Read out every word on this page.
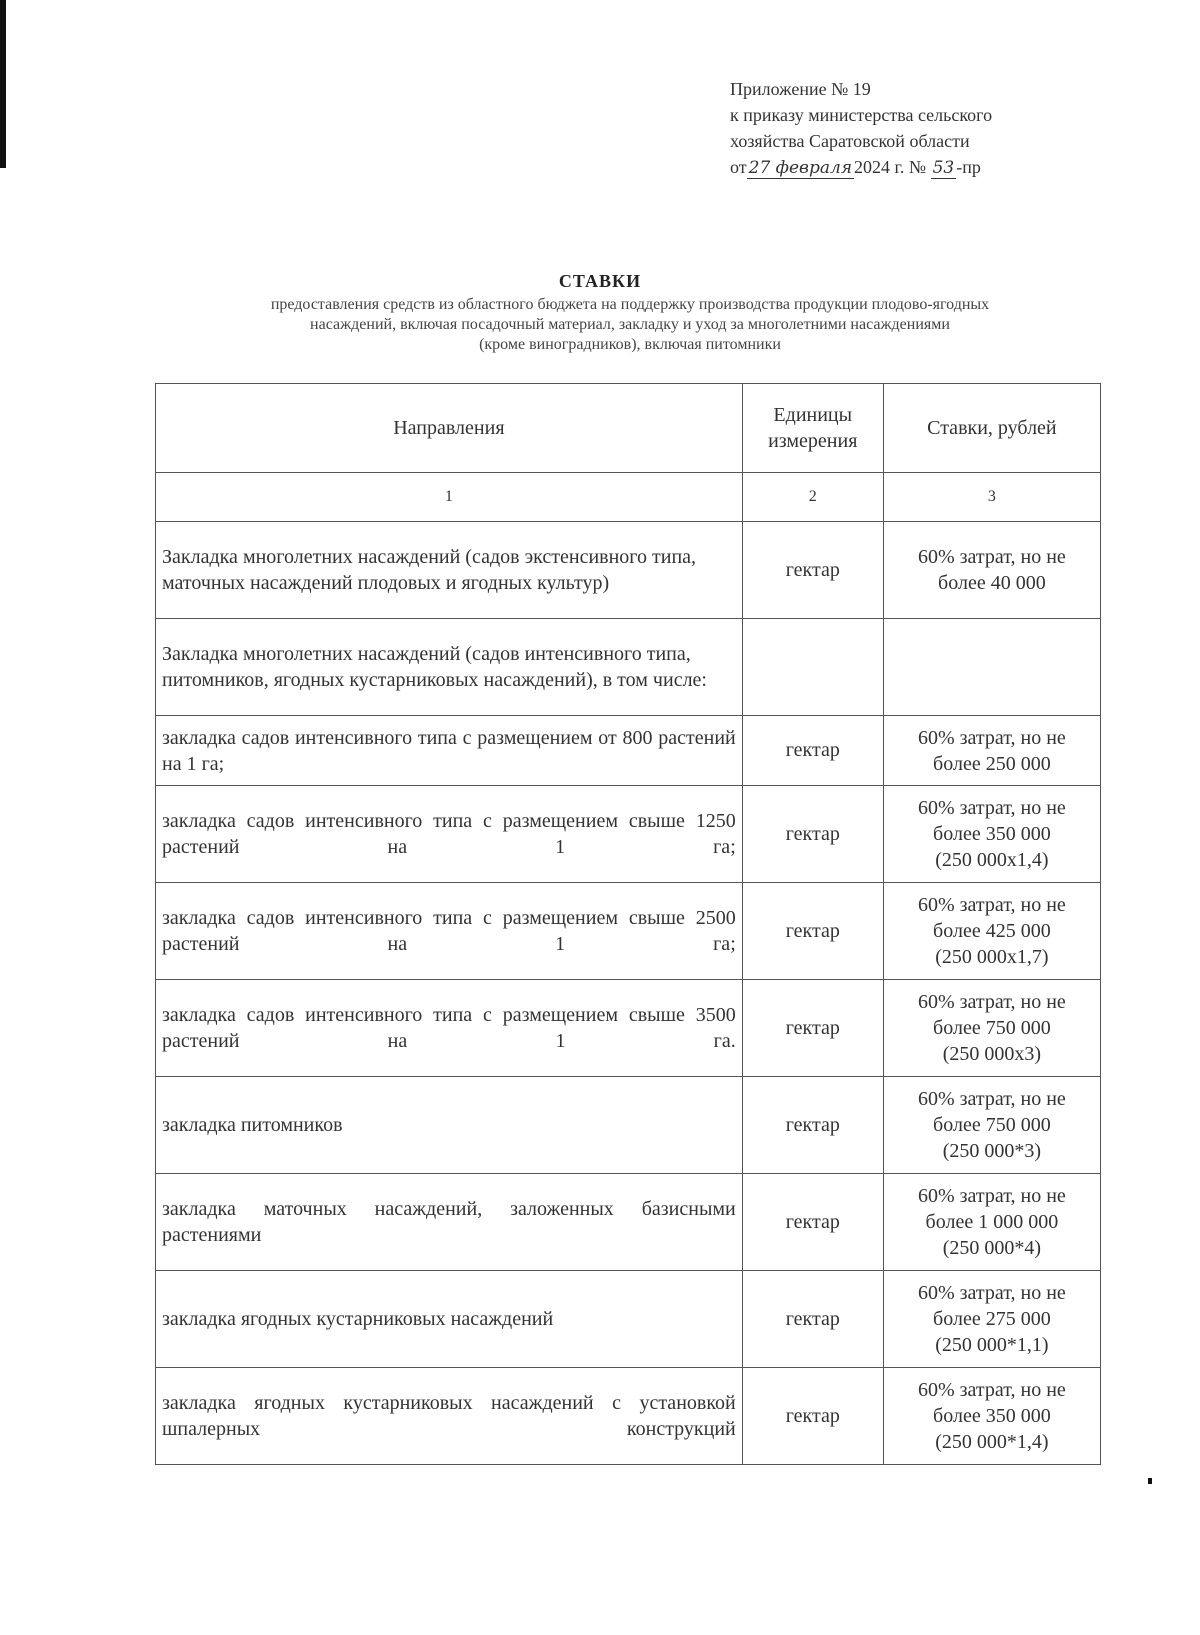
Приложение № 19
к приказу министерства сельского
хозяйства Саратовской области
от 27 февраля 2024 г. № 53 -пр
СТАВКИ
предоставления средств из областного бюджета на поддержку производства продукции плодово-ягодных
насаждений, включая посадочный материал, закладку и уход за многолетними насаждениями
(кроме виноградников), включая питомники
Направления	Единицы измерения	Ставки, рублей
1	2	3
Закладка многолетних насаждений (садов экстенсивного типа, маточных насаждений плодовых и ягодных культур)	гектар	60% затрат, но не
более 40 000

Закладка многолетних насаждений (садов интенсивного типа, питомников, ягодных кустарниковых насаждений), в том числе:		
закладка садов интенсивного типа с размещением от 800 растений на 1 га;	гектар	60% затрат, но не
более 250 000

закладка садов интенсивного типа с размещением свыше 1250 растений на 1 га;	гектар	60% затрат, но не
более 350 000
(250 000х1,4)

закладка садов интенсивного типа с размещением свыше 2500 растений на 1 га;	гектар	60% затрат, но не
более 425 000
(250 000х1,7)

закладка садов интенсивного типа с размещением свыше 3500 растений на 1 га.	гектар	60% затрат, но не
более 750 000
(250 000х3)

закладка питомников	гектар	60% затрат, но не
более 750 000
(250 000*3)

закладка маточных насаждений, заложенных базисными растениями	гектар	60% затрат, но не
более 1 000 000
(250 000*4)

закладка ягодных кустарниковых насаждений	гектар	60% затрат, но не
более 275 000
(250 000*1,1)

закладка ягодных кустарниковых насаждений с установкой шпалерных конструкций	гектар	60% затрат, но не
более 350 000
(250 000*1,4)
